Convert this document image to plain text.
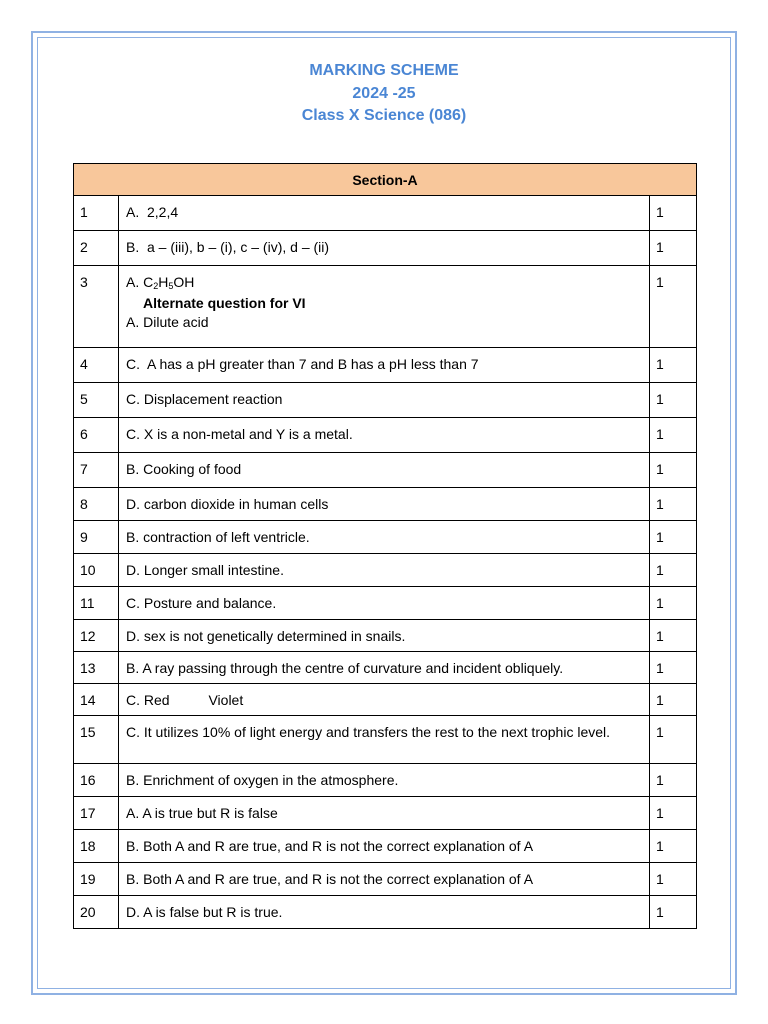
MARKING SCHEME
2024 -25
Class X Science (086)
Section-A		
1	A.  2,2,4	1
2	B.  a – (iii), b – (i), c – (iv), d – (ii)	1
3	A. $C_2H_5OH$
Alternate question for VI
A. Dilute acid	1
4	C.  A has a pH greater than 7 and B has a pH less than 7	1
5	C. Displacement reaction	1
6	C. X is a non-metal and Y is a metal.	1
7	B. Cooking of food	1
8	D. carbon dioxide in human cells	1
9	B. contraction of left ventricle.	1
10	D. Longer small intestine.	1
11	C. Posture and balance.	1
12	D. sex is not genetically determined in snails.	1
13	B. A ray passing through the centre of curvature and incident obliquely.	1
14	C. Red          Violet	1
15	C. It utilizes 10% of light energy and transfers the rest to the next trophic level.	1
16	B. Enrichment of oxygen in the atmosphere.	1
17	A. A is true but R is false	1
18	B. Both A and R are true, and R is not the correct explanation of A	1
19	B. Both A and R are true, and R is not the correct explanation of A	1
20	D. A is false but R is true.	1
